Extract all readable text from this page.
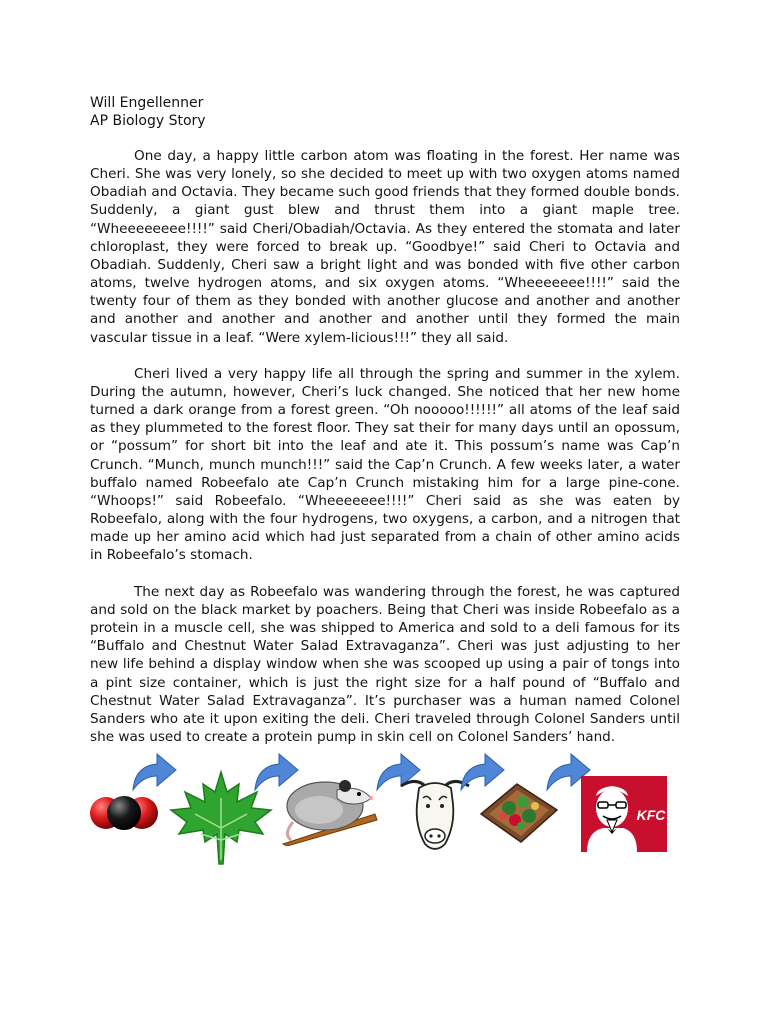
Will Engellenner
AP Biology Story

One day, a happy little carbon atom was floating in the forest. Her name was Cheri. She was very lonely, so she decided to meet up with two oxygen atoms named Obadiah and Octavia. They became such good friends that they formed double bonds. Suddenly, a giant gust blew and thrust them into a giant maple tree. “Wheeeeeeee!!!!” said Cheri/Obadiah/Octavia. As they entered the stomata and later chloroplast, they were forced to break up. “Goodbye!” said Cheri to Octavia and Obadiah. Suddenly, Cheri saw a bright light and was bonded with five other carbon atoms, twelve hydrogen atoms, and six oxygen atoms. “Wheeeeeee!!!!” said the twenty four of them as they bonded with another glucose and another and another and another and another and another and another until they formed the main vascular tissue in a leaf. “Were xylem-licious!!!” they all said.

Cheri lived a very happy life all through the spring and summer in the xylem. During the autumn, however, Cheri’s luck changed. She noticed that her new home turned a dark orange from a forest green. “Oh nooooo!!!!!!” all atoms of the leaf said as they plummeted to the forest floor. They sat their for many days until an opossum, or “possum” for short bit into the leaf and ate it. This possum’s name was Cap’n Crunch. “Munch, munch munch!!!” said the Cap’n Crunch. A few weeks later, a water buffalo named Robeefalo ate Cap’n Crunch mistaking him for a large pine-cone. “Whoops!” said Robeefalo. “Wheeeeeee!!!!” Cheri said as she was eaten by Robeefalo, along with the four hydrogens, two oxygens, a carbon, and a nitrogen that made up her amino acid which had just separated from a chain of other amino acids in Robeefalo’s stomach.

The next day as Robeefalo was wandering through the forest, he was captured and sold on the black market by poachers. Being that Cheri was inside Robeefalo as a protein in a muscle cell, she was shipped to America and sold to a deli famous for its “Buffalo and Chestnut Water Salad Extravaganza”. Cheri was just adjusting to her new life behind a display window when she was scooped up using a pair of tongs into a pint size container, which is just the right size for a half pound of “Buffalo and Chestnut Water Salad Extravaganza”. It’s purchaser was a human named Colonel Sanders who ate it upon exiting the deli. Cheri traveled through Colonel Sanders until she was used to create a protein pump in skin cell on Colonel Sanders’ hand.

KFC
